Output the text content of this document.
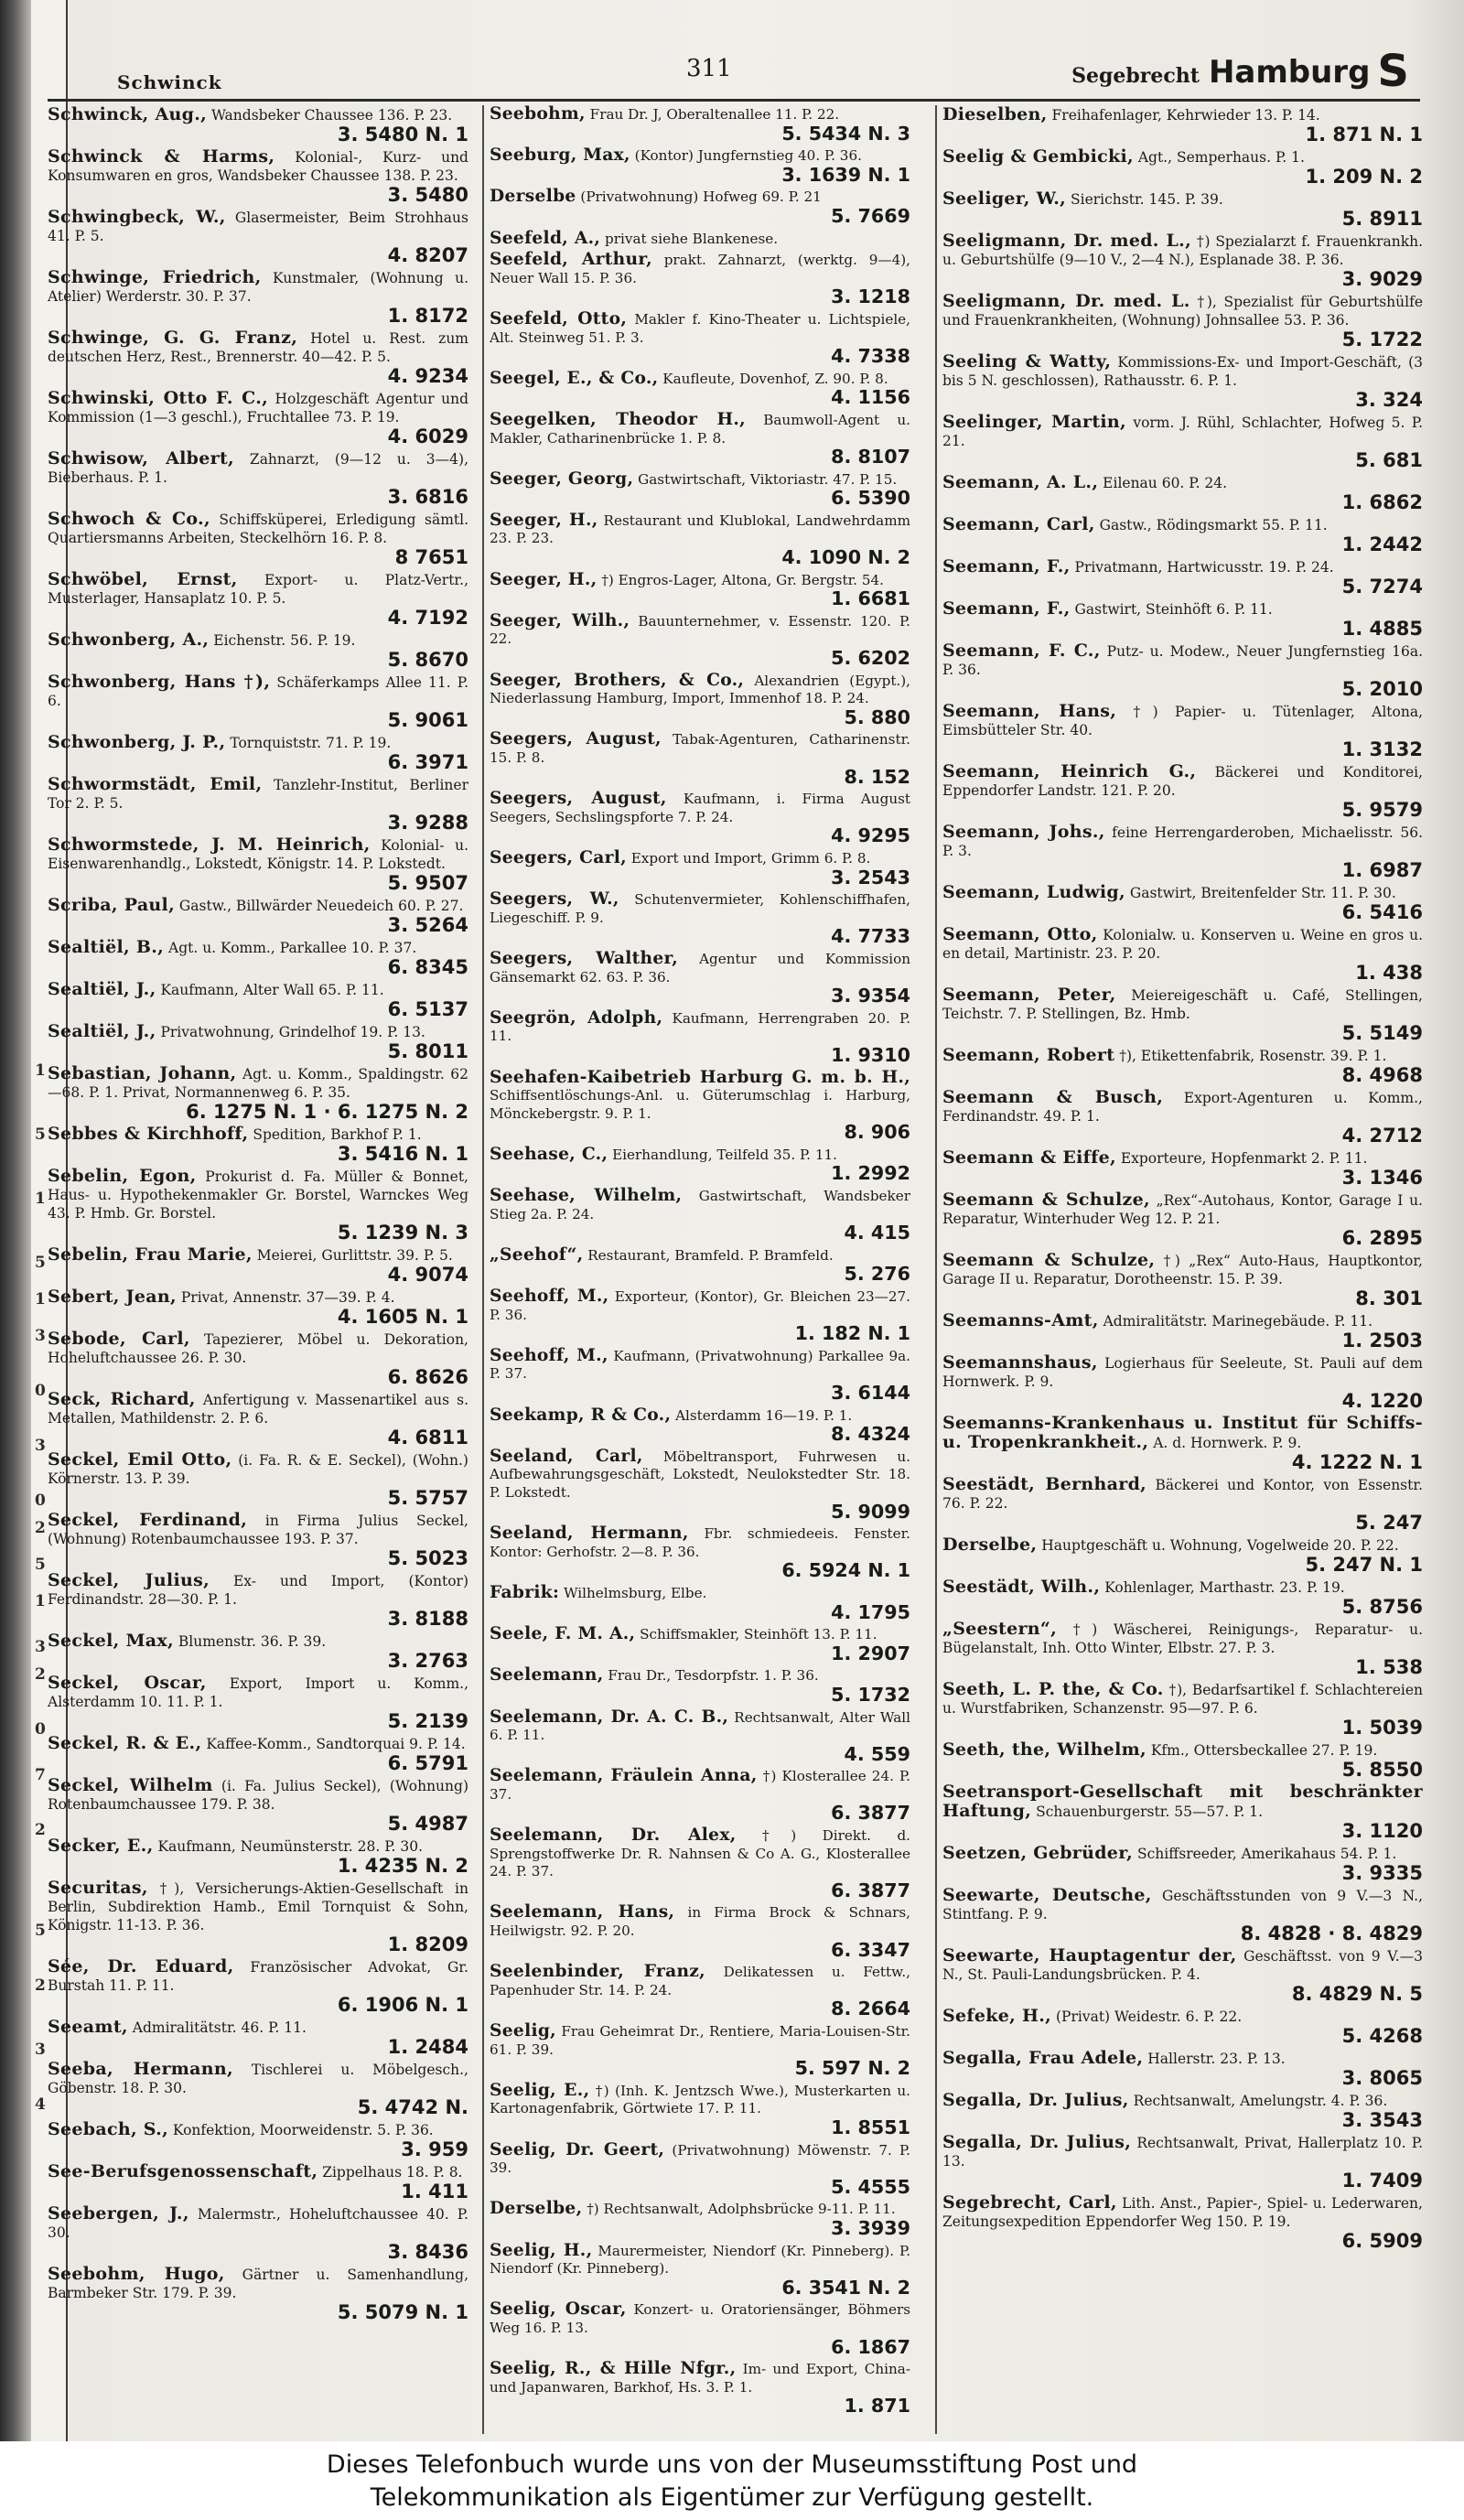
1
5
1
5
1
3
0
3
0
2
5
1
3
2
0
7
2
5
2
3
4
Schwinck	311	Segebrecht Hamburg S
Schwinck, Aug., Wandsbeker Chaussee 136. P. 23.
3. 5480 N. 1
Schwinck & Harms, Kolonial-, Kurz- und Konsumwaren en gros, Wandsbeker Chaussee 138. P. 23.
3. 5480
Schwingbeck, W., Glasermeister, Beim Strohhaus 41. P. 5.
4. 8207
Schwinge, Friedrich, Kunstmaler, (Wohnung u. Atelier) Werderstr. 30. P. 37.
1. 8172
Schwinge, G. G. Franz, Hotel u. Rest. zum deutschen Herz, Rest., Brennerstr. 40—42. P. 5.
4. 9234
Schwinski, Otto F. C., Holzgeschäft Agentur und Kommission (1—3 geschl.), Fruchtallee 73. P. 19.
4. 6029
Schwisow, Albert, Zahnarzt, (9—12 u. 3—4), Bieberhaus. P. 1.
3. 6816
Schwoch & Co., Schiffsküperei, Erledigung sämtl. Quartiersmanns Arbeiten, Steckelhörn 16. P. 8.
8 7651
Schwöbel, Ernst, Export- u. Platz-Vertr., Musterlager, Hansaplatz 10. P. 5.
4. 7192
Schwonberg, A., Eichenstr. 56. P. 19.
5. 8670
Schwonberg, Hans †), Schäferkamps Allee 11. P. 6.
5. 9061
Schwonberg, J. P., Tornquiststr. 71. P. 19.
6. 3971
Schwormstädt, Emil, Tanzlehr-Institut, Berliner Tor 2. P. 5.
3. 9288
Schwormstede, J. M. Heinrich, Kolonial- u. Eisenwarenhandlg., Lokstedt, Königstr. 14. P. Lokstedt.
5. 9507
Scriba, Paul, Gastw., Billwärder Neuedeich 60. P. 27.
3. 5264
Sealtiël, B., Agt. u. Komm., Parkallee 10. P. 37.
6. 8345
Sealtiël, J., Kaufmann, Alter Wall 65. P. 11.
6. 5137
Sealtiël, J., Privatwohnung, Grindelhof 19. P. 13.
5. 8011
Sebastian, Johann, Agt. u. Komm., Spaldingstr. 62—68. P. 1. Privat, Normannenweg 6. P. 35.
6. 1275 N. 1 · 6. 1275 N. 2
Sebbes & Kirchhoff, Spedition, Barkhof P. 1.
3. 5416 N. 1
Sebelin, Egon, Prokurist d. Fa. Müller & Bonnet, Haus- u. Hypothekenmakler Gr. Borstel, Warnckes Weg 43. P. Hmb. Gr. Borstel.
5. 1239 N. 3
Sebelin, Frau Marie, Meierei, Gurlittstr. 39. P. 5.
4. 9074
Sebert, Jean, Privat, Annenstr. 37—39. P. 4.
4. 1605 N. 1
Sebode, Carl, Tapezierer, Möbel u. Dekoration, Hoheluftchaussee 26. P. 30.
6. 8626
Seck, Richard, Anfertigung v. Massenartikel aus s. Metallen, Mathildenstr. 2. P. 6.
4. 6811
Seckel, Emil Otto, (i. Fa. R. & E. Seckel), (Wohn.) Körnerstr. 13. P. 39.
5. 5757
Seckel, Ferdinand, in Firma Julius Seckel, (Wohnung) Rotenbaumchaussee 193. P. 37.
5. 5023
Seckel, Julius, Ex- und Import, (Kontor) Ferdinandstr. 28—30. P. 1.
3. 8188
Seckel, Max, Blumenstr. 36. P. 39.
3. 2763
Seckel, Oscar, Export, Import u. Komm., Alsterdamm 10. 11. P. 1.
5. 2139
Seckel, R. & E., Kaffee-Komm., Sandtorquai 9. P. 14.
6. 5791
Seckel, Wilhelm (i. Fa. Julius Seckel), (Wohnung) Rotenbaumchaussee 179. P. 38.
5. 4987
Secker, E., Kaufmann, Neumünsterstr. 28. P. 30.
1. 4235 N. 2
Securitas, †), Versicherungs-Aktien-Gesellschaft in Berlin, Subdirektion Hamb., Emil Tornquist & Sohn, Königstr. 11-13. P. 36.
1. 8209
Sée, Dr. Eduard, Französischer Advokat, Gr. Burstah 11. P. 11.
6. 1906 N. 1
Seeamt, Admiralitätstr. 46. P. 11.
1. 2484
Seeba, Hermann, Tischlerei u. Möbelgesch., Göbenstr. 18. P. 30.
5. 4742 N.
Seebach, S., Konfektion, Moorweidenstr. 5. P. 36.
3. 959
See-Berufsgenossenschaft, Zippelhaus 18. P. 8.
1. 411
Seebergen, J., Malermstr., Hoheluftchaussee 40. P. 30.
3. 8436
Seebohm, Hugo, Gärtner u. Samenhandlung, Barmbeker Str. 179. P. 39.
5. 5079 N. 1
Seebohm, Frau Dr. J, Oberaltenallee 11. P. 22.
5. 5434 N. 3
Seeburg, Max, (Kontor) Jungfernstieg 40. P. 36.
3. 1639 N. 1
Derselbe (Privatwohnung) Hofweg 69. P. 21
5. 7669
Seefeld, A., privat siehe Blankenese.
Seefeld, Arthur, prakt. Zahnarzt, (werktg. 9—4), Neuer Wall 15. P. 36.
3. 1218
Seefeld, Otto, Makler f. Kino-Theater u. Lichtspiele, Alt. Steinweg 51. P. 3.
4. 7338
Seegel, E., & Co., Kaufleute, Dovenhof, Z. 90. P. 8.
4. 1156
Seegelken, Theodor H., Baumwoll-Agent u. Makler, Catharinenbrücke 1. P. 8.
8. 8107
Seeger, Georg, Gastwirtschaft, Viktoriastr. 47. P. 15.
6. 5390
Seeger, H., Restaurant und Klublokal, Landwehrdamm 23. P. 23.
4. 1090 N. 2
Seeger, H., †) Engros-Lager, Altona, Gr. Bergstr. 54.
1. 6681
Seeger, Wilh., Bauunternehmer, v. Essenstr. 120. P. 22.
5. 6202
Seeger, Brothers, & Co., Alexandrien (Egypt.), Niederlassung Hamburg, Import, Immenhof 18. P. 24.
5. 880
Seegers, August, Tabak-Agenturen, Catharinenstr. 15. P. 8.
8. 152
Seegers, August, Kaufmann, i. Firma August Seegers, Sechslingspforte 7. P. 24.
4. 9295
Seegers, Carl, Export und Import, Grimm 6. P. 8.
3. 2543
Seegers, W., Schutenvermieter, Kohlenschiffhafen, Liegeschiff. P. 9.
4. 7733
Seegers, Walther, Agentur und Kommission Gänsemarkt 62. 63. P. 36.
3. 9354
Seegrön, Adolph, Kaufmann, Herrengraben 20. P. 11.
1. 9310
Seehafen-Kaibetrieb Harburg G. m. b. H., Schiffsentlöschungs-Anl. u. Güterumschlag i. Harburg, Mönckebergstr. 9. P. 1.
8. 906
Seehase, C., Eierhandlung, Teilfeld 35. P. 11.
1. 2992
Seehase, Wilhelm, Gastwirtschaft, Wandsbeker Stieg 2a. P. 24.
4. 415
„Seehof“, Restaurant, Bramfeld. P. Bramfeld.
5. 276
Seehoff, M., Exporteur, (Kontor), Gr. Bleichen 23—27. P. 36.
1. 182 N. 1
Seehoff, M., Kaufmann, (Privatwohnung) Parkallee 9a. P. 37.
3. 6144
Seekamp, R & Co., Alsterdamm 16—19. P. 1.
8. 4324
Seeland, Carl, Möbeltransport, Fuhrwesen u. Aufbewahrungsgeschäft, Lokstedt, Neulokstedter Str. 18. P. Lokstedt.
5. 9099
Seeland, Hermann, Fbr. schmiedeeis. Fenster. Kontor: Gerhofstr. 2—8. P. 36.
6. 5924 N. 1
Fabrik: Wilhelmsburg, Elbe.
4. 1795
Seele, F. M. A., Schiffsmakler, Steinhöft 13. P. 11.
1. 2907
Seelemann, Frau Dr., Tesdorpfstr. 1. P. 36.
5. 1732
Seelemann, Dr. A. C. B., Rechtsanwalt, Alter Wall 6. P. 11.
4. 559
Seelemann, Fräulein Anna, †) Klosterallee 24. P. 37.
6. 3877
Seelemann, Dr. Alex, †) Direkt. d. Sprengstoffwerke Dr. R. Nahnsen & Co A. G., Klosterallee 24. P. 37.
6. 3877
Seelemann, Hans, in Firma Brock & Schnars, Heilwigstr. 92. P. 20.
6. 3347
Seelenbinder, Franz, Delikatessen u. Fettw., Papenhuder Str. 14. P. 24.
8. 2664
Seelig, Frau Geheimrat Dr., Rentiere, Maria-Louisen-Str. 61. P. 39.
5. 597 N. 2
Seelig, E., †) (Inh. K. Jentzsch Wwe.), Musterkarten u. Kartonagenfabrik, Görtwiete 17. P. 11.
1. 8551
Seelig, Dr. Geert, (Privatwohnung) Möwenstr. 7. P. 39.
5. 4555
Derselbe, †) Rechtsanwalt, Adolphsbrücke 9-11. P. 11.
3. 3939
Seelig, H., Maurermeister, Niendorf (Kr. Pinneberg). P. Niendorf (Kr. Pinneberg).
6. 3541 N. 2
Seelig, Oscar, Konzert- u. Oratoriensänger, Böhmers Weg 16. P. 13.
6. 1867
Seelig, R., & Hille Nfgr., Im- und Export, China- und Japanwaren, Barkhof, Hs. 3. P. 1.
1. 871
Dieselben, Freihafenlager, Kehrwieder 13. P. 14.
1. 871 N. 1
Seelig & Gembicki, Agt., Semperhaus. P. 1.
1. 209 N. 2
Seeliger, W., Sierichstr. 145. P. 39.
5. 8911
Seeligmann, Dr. med. L., †) Spezialarzt f. Frauenkrankh. u. Geburtshülfe (9—10 V., 2—4 N.), Esplanade 38. P. 36.
3. 9029
Seeligmann, Dr. med. L. †), Spezialist für Geburtshülfe und Frauenkrankheiten, (Wohnung) Johnsallee 53. P. 36.
5. 1722
Seeling & Watty, Kommissions-Ex- und Import-Geschäft, (3 bis 5 N. geschlossen), Rathausstr. 6. P. 1.
3. 324
Seelinger, Martin, vorm. J. Rühl, Schlachter, Hofweg 5. P. 21.
5. 681
Seemann, A. L., Eilenau 60. P. 24.
1. 6862
Seemann, Carl, Gastw., Rödingsmarkt 55. P. 11.
1. 2442
Seemann, F., Privatmann, Hartwicusstr. 19. P. 24.
5. 7274
Seemann, F., Gastwirt, Steinhöft 6. P. 11.
1. 4885
Seemann, F. C., Putz- u. Modew., Neuer Jungfernstieg 16a. P. 36.
5. 2010
Seemann, Hans, †) Papier- u. Tütenlager, Altona, Eimsbütteler Str. 40.
1. 3132
Seemann, Heinrich G., Bäckerei und Konditorei, Eppendorfer Landstr. 121. P. 20.
5. 9579
Seemann, Johs., feine Herrengarderoben, Michaelisstr. 56. P. 3.
1. 6987
Seemann, Ludwig, Gastwirt, Breitenfelder Str. 11. P. 30.
6. 5416
Seemann, Otto, Kolonialw. u. Konserven u. Weine en gros u. en detail, Martinistr. 23. P. 20.
1. 438
Seemann, Peter, Meiereigeschäft u. Café, Stellingen, Teichstr. 7. P. Stellingen, Bz. Hmb.
5. 5149
Seemann, Robert †), Etikettenfabrik, Rosenstr. 39. P. 1.
8. 4968
Seemann & Busch, Export-Agenturen u. Komm., Ferdinandstr. 49. P. 1.
4. 2712
Seemann & Eiffe, Exporteure, Hopfenmarkt 2. P. 11.
3. 1346
Seemann & Schulze, „Rex“-Autohaus, Kontor, Garage I u. Reparatur, Winterhuder Weg 12. P. 21.
6. 2895
Seemann & Schulze, †) „Rex“ Auto-Haus, Hauptkontor, Garage II u. Reparatur, Dorotheenstr. 15. P. 39.
8. 301
Seemanns-Amt, Admiralitätstr. Marinegebäude. P. 11.
1. 2503
Seemannshaus, Logierhaus für Seeleute, St. Pauli auf dem Hornwerk. P. 9.
4. 1220
Seemanns-Krankenhaus u. Institut für Schiffs- u. Tropenkrankheit., A. d. Hornwerk. P. 9.
4. 1222 N. 1
Seestädt, Bernhard, Bäckerei und Kontor, von Essenstr. 76. P. 22.
5. 247
Derselbe, Hauptgeschäft u. Wohnung, Vogelweide 20. P. 22.
5. 247 N. 1
Seestädt, Wilh., Kohlenlager, Marthastr. 23. P. 19.
5. 8756
„Seestern“, †) Wäscherei, Reinigungs-, Reparatur- u. Bügelanstalt, Inh. Otto Winter, Elbstr. 27. P. 3.
1. 538
Seeth, L. P. the, & Co. †), Bedarfsartikel f. Schlachtereien u. Wurstfabriken, Schanzenstr. 95—97. P. 6.
1. 5039
Seeth, the, Wilhelm, Kfm., Ottersbeckallee 27. P. 19.
5. 8550
Seetransport-Gesellschaft mit beschränkter Haftung, Schauenburgerstr. 55—57. P. 1.
3. 1120
Seetzen, Gebrüder, Schiffsreeder, Amerikahaus 54. P. 1.
3. 9335
Seewarte, Deutsche, Geschäftsstunden von 9 V.—3 N., Stintfang. P. 9.
8. 4828 · 8. 4829
Seewarte, Hauptagentur der, Geschäftsst. von 9 V.—3 N., St. Pauli-Landungsbrücken. P. 4.
8. 4829 N. 5
Sefeke, H., (Privat) Weidestr. 6. P. 22.
5. 4268
Segalla, Frau Adele, Hallerstr. 23. P. 13.
3. 8065
Segalla, Dr. Julius, Rechtsanwalt, Amelungstr. 4. P. 36.
3. 3543
Segalla, Dr. Julius, Rechtsanwalt, Privat, Hallerplatz 10. P. 13.
1. 7409
Segebrecht, Carl, Lith. Anst., Papier-, Spiel- u. Lederwaren, Zeitungsexpedition Eppendorfer Weg 150. P. 19.
6. 5909
Dieses Telefonbuch wurde uns von der Museumsstiftung Post und
Telekommunikation als Eigentümer zur Verfügung gestellt.
